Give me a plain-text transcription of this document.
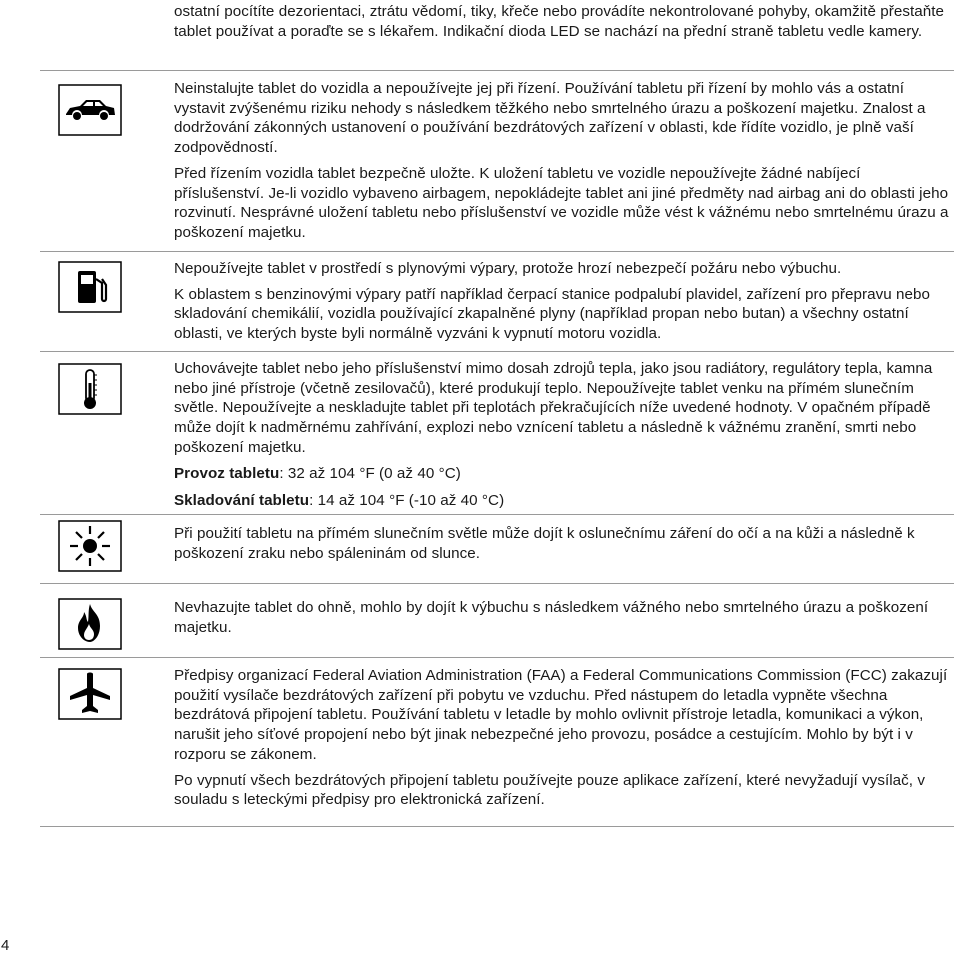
ostatní pocítíte dezorientaci, ztrátu vědomí, tiky, křeče nebo provádíte nekontrolované pohyby, okamžitě přestaňte tablet používat a poraďte se s lékařem. Indikační dioda LED se nachází na přední straně tabletu vedle kamery.

Neinstalujte tablet do vozidla a nepoužívejte jej při řízení. Používání tabletu při řízení by mohlo vás a ostatní vystavit zvýšenému riziku nehody s následkem těžkého nebo smrtelného úrazu a poškození majetku. Znalost a dodržování zákonných ustanovení o používání bezdrátových zařízení v oblasti, kde řídíte vozidlo, je plně vaší zodpovědností.

Před řízením vozidla tablet bezpečně uložte. K uložení tabletu ve vozidle nepoužívejte žádné nabíjecí příslušenství. Je-li vozidlo vybaveno airbagem, nepokládejte tablet ani jiné předměty nad airbag ani do oblasti jeho rozvinutí. Nesprávné uložení tabletu nebo příslušenství ve vozidle může vést k vážnému nebo smrtelnému úrazu a poškození majetku.

Nepoužívejte tablet v prostředí s plynovými výpary, protože hrozí nebezpečí požáru nebo výbuchu.

K oblastem s benzinovými výpary patří například čerpací stanice podpalubí plavidel, zařízení pro přepravu nebo skladování chemikálií, vozidla používající zkapalněné plyny (například propan nebo butan) a všechny ostatní oblasti, ve kterých byste byli normálně vyzváni k vypnutí motoru vozidla.

Uchovávejte tablet nebo jeho příslušenství mimo dosah zdrojů tepla, jako jsou radiátory, regulátory tepla, kamna nebo jiné přístroje (včetně zesilovačů), které produkují teplo. Nepoužívejte tablet venku na přímém slunečním světle. Nepoužívejte a neskladujte tablet při teplotách překračujících níže uvedené hodnoty. V opačném případě může dojít k nadměrnému zahřívání, explozi nebo vznícení tabletu a následně k vážnému zranění, smrti nebo poškození majetku.

Provoz tabletu: 32 až 104 °F (0 až 40 °C)

Skladování tabletu: 14 až 104 °F (-10 až 40 °C)

Při použití tabletu na přímém slunečním světle může dojít k oslunečnímu záření do očí a na kůži a následně k poškození zraku nebo spáleninám od slunce.

Nevhazujte tablet do ohně, mohlo by dojít k výbuchu s následkem vážného nebo smrtelného úrazu a poškození majetku.

Předpisy organizací Federal Aviation Administration (FAA) a Federal Communications Commission (FCC) zakazují použití vysílače bezdrátových zařízení při pobytu ve vzduchu. Před nástupem do letadla vypněte všechna bezdrátová připojení tabletu. Používání tabletu v letadle by mohlo ovlivnit přístroje letadla, komunikaci a výkon, narušit jeho síťové propojení nebo být jinak nebezpečné jeho provozu, posádce a cestujícím. Mohlo by být i v rozporu se zákonem.

Po vypnutí všech bezdrátových připojení tabletu používejte pouze aplikace zařízení, které nevyžadují vysílač, v souladu s leteckými předpisy pro elektronická zařízení.

4
